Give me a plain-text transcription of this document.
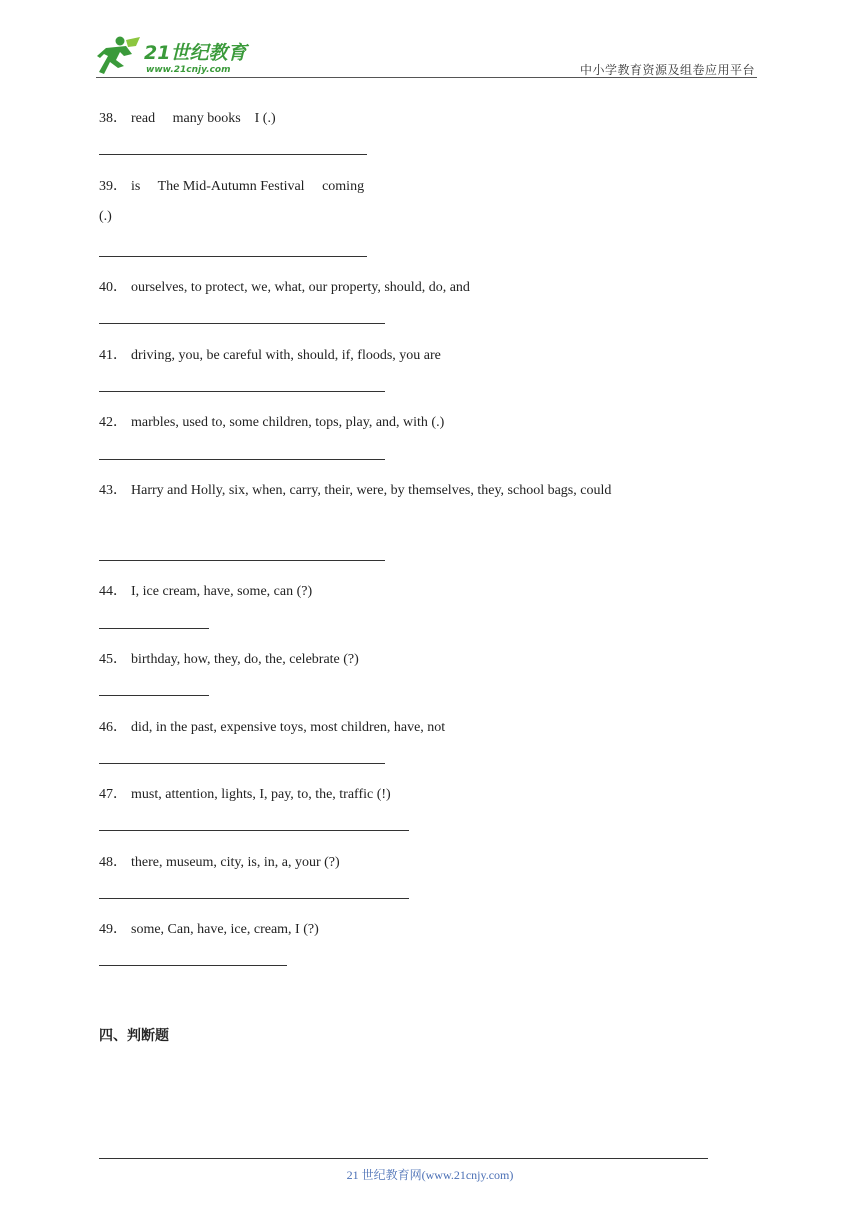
21世纪教育
www.21cnjy.com	中小学教育资源及组卷应用平台
38． read     many books    I (.)
39． is     The Mid-Autumn Festival     coming
(.)
40． ourselves, to protect, we, what, our property, should, do, and
41． driving, you, be careful with, should, if, floods, you are
42． marbles, used to, some children, tops, play, and, with (.)
43． Harry and Holly, six, when, carry, their, were, by themselves, they, school bags, could
44． I, ice cream, have, some, can (?)
45． birthday, how, they, do, the, celebrate (?)
46． did, in the past, expensive toys, most children, have, not
47． must, attention, lights, I, pay, to, the, traffic (!)
48． there, museum, city, is, in, a, your (?)
49． some, Can, have, ice, cream, I (?)
四、判断题
21 世纪教育网(www.21cnjy.com)
